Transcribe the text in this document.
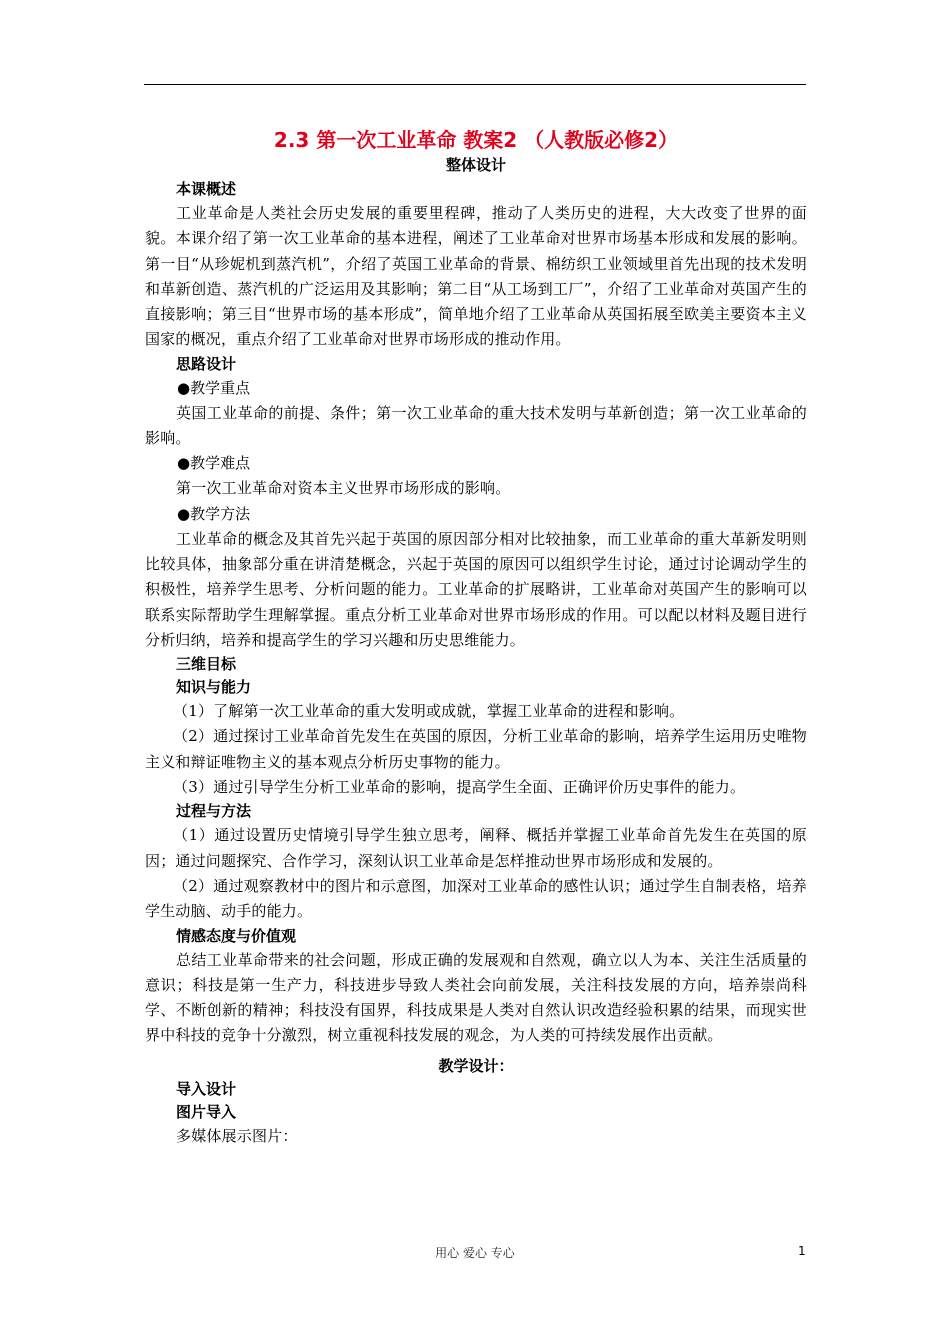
2.3 第一次工业革命 教案2 （人教版必修2）

整体设计

本课概述

工业革命是人类社会历史发展的重要里程碑，推动了人类历史的进程，大大改变了世界的面貌。本课介绍了第一次工业革命的基本进程，阐述了工业革命对世界市场基本形成和发展的影响。第一目“从珍妮机到蒸汽机”，介绍了英国工业革命的背景、棉纺织工业领域里首先出现的技术发明和革新创造、蒸汽机的广泛运用及其影响；第二目“从工场到工厂”，介绍了工业革命对英国产生的直接影响；第三目“世界市场的基本形成”，简单地介绍了工业革命从英国拓展至欧美主要资本主义国家的概况，重点介绍了工业革命对世界市场形成的推动作用。

思路设计

●教学重点

英国工业革命的前提、条件；第一次工业革命的重大技术发明与革新创造；第一次工业革命的影响。

●教学难点

第一次工业革命对资本主义世界市场形成的影响。

●教学方法

工业革命的概念及其首先兴起于英国的原因部分相对比较抽象，而工业革命的重大革新发明则比较具体，抽象部分重在讲清楚概念，兴起于英国的原因可以组织学生讨论，通过讨论调动学生的积极性，培养学生思考、分析问题的能力。工业革命的扩展略讲，工业革命对英国产生的影响可以联系实际帮助学生理解掌握。重点分析工业革命对世界市场形成的作用。可以配以材料及题目进行分析归纳，培养和提高学生的学习兴趣和历史思维能力。

三维目标

知识与能力

（1）了解第一次工业革命的重大发明或成就，掌握工业革命的进程和影响。

（2）通过探讨工业革命首先发生在英国的原因，分析工业革命的影响，培养学生运用历史唯物主义和辩证唯物主义的基本观点分析历史事物的能力。

（3）通过引导学生分析工业革命的影响，提高学生全面、正确评价历史事件的能力。

过程与方法

（1）通过设置历史情境引导学生独立思考，阐释、概括并掌握工业革命首先发生在英国的原因；通过问题探究、合作学习，深刻认识工业革命是怎样推动世界市场形成和发展的。

（2）通过观察教材中的图片和示意图，加深对工业革命的感性认识；通过学生自制表格，培养学生动脑、动手的能力。

情感态度与价值观

总结工业革命带来的社会问题，形成正确的发展观和自然观，确立以人为本、关注生活质量的意识；科技是第一生产力，科技进步导致人类社会向前发展，关注科技发展的方向，培养崇尚科学、不断创新的精神；科技没有国界，科技成果是人类对自然认识改造经验积累的结果，而现实世界中科技的竞争十分激烈，树立重视科技发展的观念，为人类的可持续发展作出贡献。

教学设计：

导入设计

图片导入

多媒体展示图片：

用心 爱心 专心	1
